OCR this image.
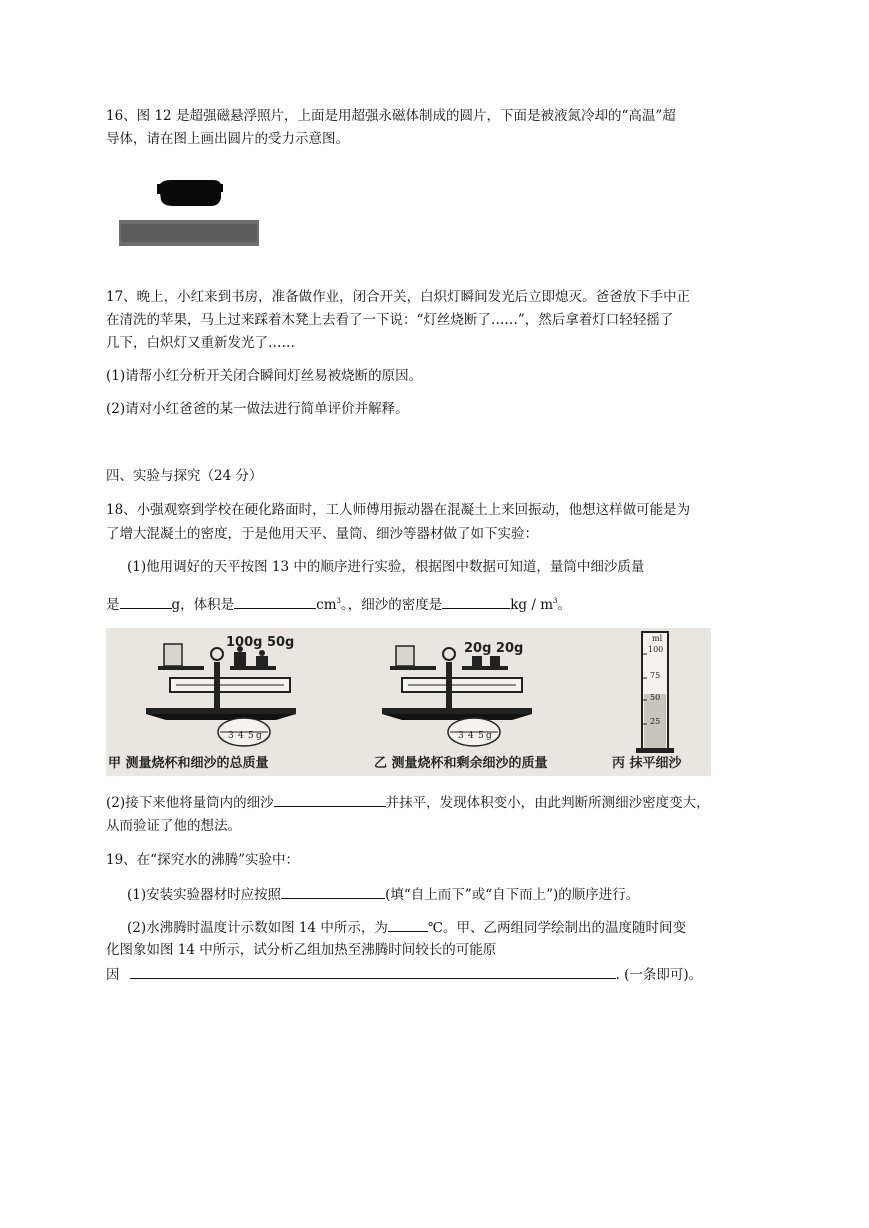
16、图 12 是超强磁悬浮照片，上面是用超强永磁体制成的圆片，下面是被液氮冷却的“高温”超
导体，请在图上画出圆片的受力示意图。
17、晚上，小红来到书房，准备做作业，闭合开关，白炽灯瞬间发光后立即熄灭。爸爸放下手中正
在清洗的苹果，马上过来踩着木凳上去看了一下说：“灯丝烧断了……”，然后拿着灯口轻轻摇了
几下，白炽灯又重新发光了……
(1)请帮小红分析开关闭合瞬间灯丝易被烧断的原因。
(2)请对小红爸爸的某一做法进行简单评价并解释。
四、实验与探究（24 分）
18、小强观察到学校在硬化路面时，工人师傅用振动器在混凝土上来回振动，他想这样做可能是为
了增大混凝土的密度，于是他用天平、量筒、细沙等器材做了如下实验：
(1)他用调好的天平按图 13 中的顺序进行实验，根据图中数据可知道，量筒中细沙质量
是	g，体积是	$cm^3$。，细沙的密度是	kg / $m^3$。
100g 50g
3 4 5 g
20g 20g
3 4 5 g
ml
100
75
50
25
甲 测量烧杯和细沙的总质量	乙 测量烧杯和剩余细沙的质量	丙 抹平细沙
(2)接下来他将量筒内的细沙	并抹平，发现体积变小，由此判断所测细沙密度变大，
从而验证了他的想法。
19、在“探究水的沸腾”实验中：
(1)安装实验器材时应按照	(填“自上而下”或“自下而上”)的顺序进行。
(2)水沸腾时温度计示数如图 14 中所示，为	℃。甲、乙两组同学绘制出的温度随时间变
化图象如图 14 中所示，试分析乙组加热至沸腾时间较长的可能原
因	. (一条即可)。
